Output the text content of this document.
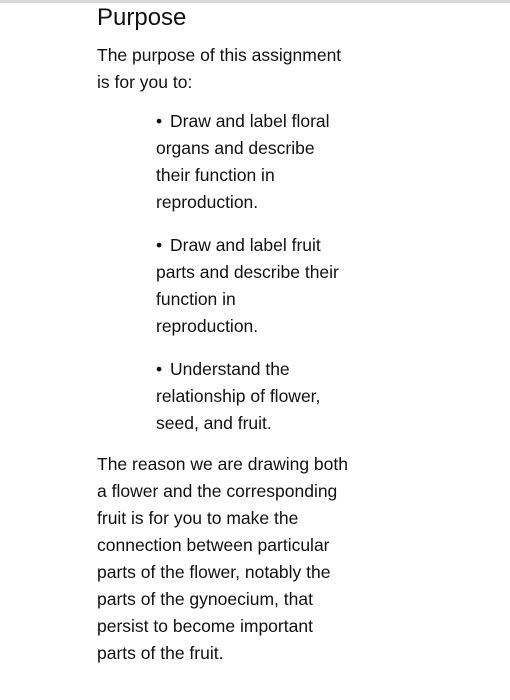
Purpose

The purpose of this assignment
is for you to:

• Draw and label floral
organs and describe
their function in
reproduction.
• Draw and label fruit
parts and describe their
function in
reproduction.
• Understand the
relationship of flower,
seed, and fruit.

The reason we are drawing both
a flower and the corresponding
fruit is for you to make the
connection between particular
parts of the flower, notably the
parts of the gynoecium, that
persist to become important
parts of the fruit.
